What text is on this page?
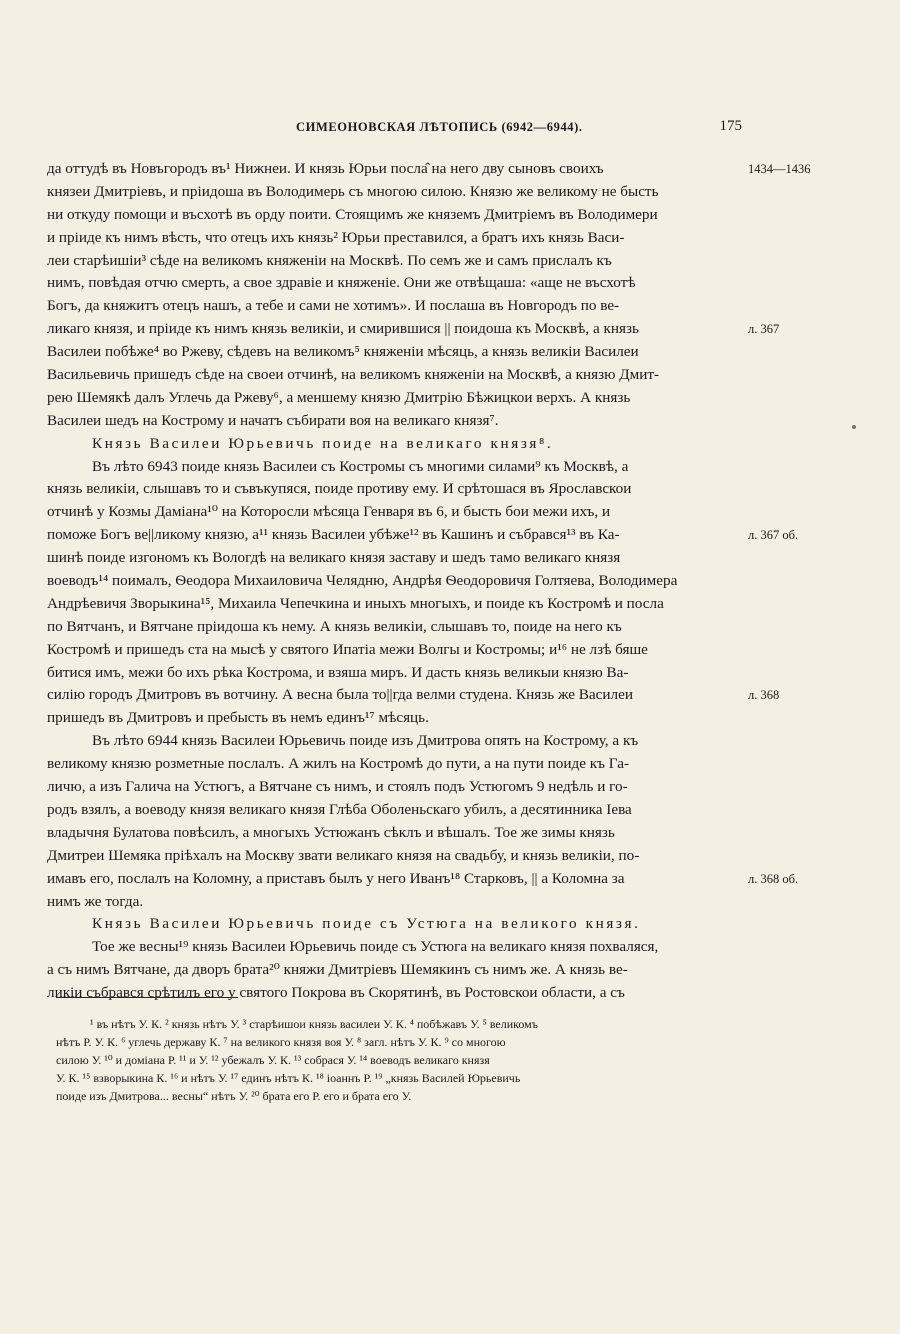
СИМЕОНОВСКАЯ ЛѢТОПИСЬ (6942—6944).	175
да оттудѣ въ Новъгородъ въ¹ Нижнеи. И князь Юрьи посла̂ на него дву сыновъ своихъ	1434—1436
князеи Дмитрiевъ, и прiидоша въ Володимерь съ многою силою. Князю же великому не бысть
ни откуду помощи и въсхотѣ въ орду поити. Стоящимъ же княземъ Дмитрiемъ въ Володимери
и прiиде къ нимъ вѣсть, что отецъ ихъ князь² Юрьи преставился, а братъ ихъ князь Васи-
леи старѣишiи³ сѣде на великомъ княженiи на Москвѣ. По семъ же и самъ прислалъ къ
нимъ, повѣдая отчю смерть, а свое здравiе и княженiе. Они же отвѣщаша: «аще не въсхотѣ
Богъ, да княжитъ отецъ нашъ, а тебе и сами не хотимъ». И послаша въ Новгородъ по ве-
ликаго князя, и прiиде къ нимъ князь великiи, и смирившися || поидоша къ Москвѣ, а князь	л. 367
Василеи побѣже⁴ во Ржеву, сѣдевъ на великомъ⁵ княженiи мѣсяць, а князь великiи Василеи
Васильевичь пришедъ сѣде на своеи отчинѣ, на великомъ княженiи на Москвѣ, а князю Дмит-
рею Шемякѣ далъ Углечь да Ржеву⁶, а меншему князю Дмитрiю Бѣжицкои верхъ. А князь
Василеи шедъ на Кострому и начатъ събирати воя на великаго князя⁷.
Князь Василеи Юрьевичь поиде на великаго князя⁸.
Въ лѣто 6943 поиде князь Василеи съ Костромы съ многими силами⁹ къ Москвѣ, а
князь великiи, слышавъ то и съвъкупяся, поиде противу ему. И срѣтошася въ Ярославскои
отчинѣ у Козмы Дамiана¹⁰ на Которосли мѣсяца Генваря въ 6, и бысть бои межи ихъ, и
поможе Богъ ве||ликому князю, а¹¹ князь Василеи убѣже¹² въ Кашинъ и събрався¹³ въ Ка-	л. 367 об.
шинѣ поиде изгономъ къ Вологдѣ на великаго князя заставу и шедъ тамо великаго князя
воеводъ¹⁴ поималъ, Ѳеодора Михаиловича Челядню, Андрѣя Ѳеодоровичя Голтяева, Володимера
Андрѣевичя Зворыкина¹⁵, Михаила Чепечкина и иныхъ многыхъ, и поиде къ Костромѣ и посла
по Вятчанъ, и Вятчане прiидоша къ нему. А князь великiи, слышавъ то, поиде на него къ
Костромѣ и пришедъ ста на мысѣ у святого Ипатiа межи Волгы и Костромы; и¹⁶ не лзѣ бяше
битися имъ, межи бо ихъ рѣка Кострома, и взяша миръ. И дасть князь великыи князю Ва-
силiю городъ Дмитровъ въ вотчину. А весна была то||гда велми студена. Князь же Василеи	л. 368
пришедъ въ Дмитровъ и пребысть въ немъ единъ¹⁷ мѣсяць.
Въ лѣто 6944 князь Василеи Юрьевичь поиде изъ Дмитрова опять на Кострому, а къ
великому князю розметные послалъ. А жилъ на Костромѣ до пути, а на пути поиде къ Га-
личю, а изъ Галича на Устюгъ, а Вятчане съ нимъ, и стоялъ подъ Устюгомъ 9 недѣль и го-
родъ взялъ, а воеводу князя великаго князя Глѣба Оболеньскаго убилъ, а десятинника Iева
владычня Булатова повѣсилъ, а многыхъ Устюжанъ сѣклъ и вѣшалъ. Тое же зимы князь
Дмитреи Шемяка прiѣхалъ на Москву звати великаго князя на свадьбу, и князь великiи, по-
имавъ его, послалъ на Коломну, а приставъ былъ у него Иванъ¹⁸ Старковъ, || а Коломна за	л. 368 об.
нимъ же тогда.
Князь Василеи Юрьевичь поиде съ Устюга на великого князя.
Тое же весны¹⁹ князь Василеи Юрьевичь поиде съ Устюга на великаго князя похваляся,
а съ нимъ Вятчане, да дворъ брата²⁰ княжи Дмитрiевъ Шемякинъ съ нимъ же. А князь ве-
ликiи събрався срѣтилъ его у святого Покрова въ Скорятинѣ, въ Ростовскои области, а съ
¹ въ нѣтъ У. К. ² князь нѣтъ У. ³ старѣишои князь василеи У. К. ⁴ побѣжавъ У. ⁵ великомъ
нѣтъ Р. У. К. ⁶ углечь державу К. ⁷ на великого князя воя У. ⁸ загл. нѣтъ У. К. ⁹ со многою
силою У. ¹⁰ и домiана Р. ¹¹ и У. ¹² убежалъ У. К. ¹³ собрася У. ¹⁴ воеводъ великаго князя
У. К. ¹⁵ взворыкина К. ¹⁶ и нѣтъ У. ¹⁷ единъ нѣтъ К. ¹⁸ iоаннъ Р. ¹⁹ „князь Василей Юрьевичь
поиде изъ Дмитрова... весны“ нѣтъ У. ²⁰ брата его Р. его и брата его У.
